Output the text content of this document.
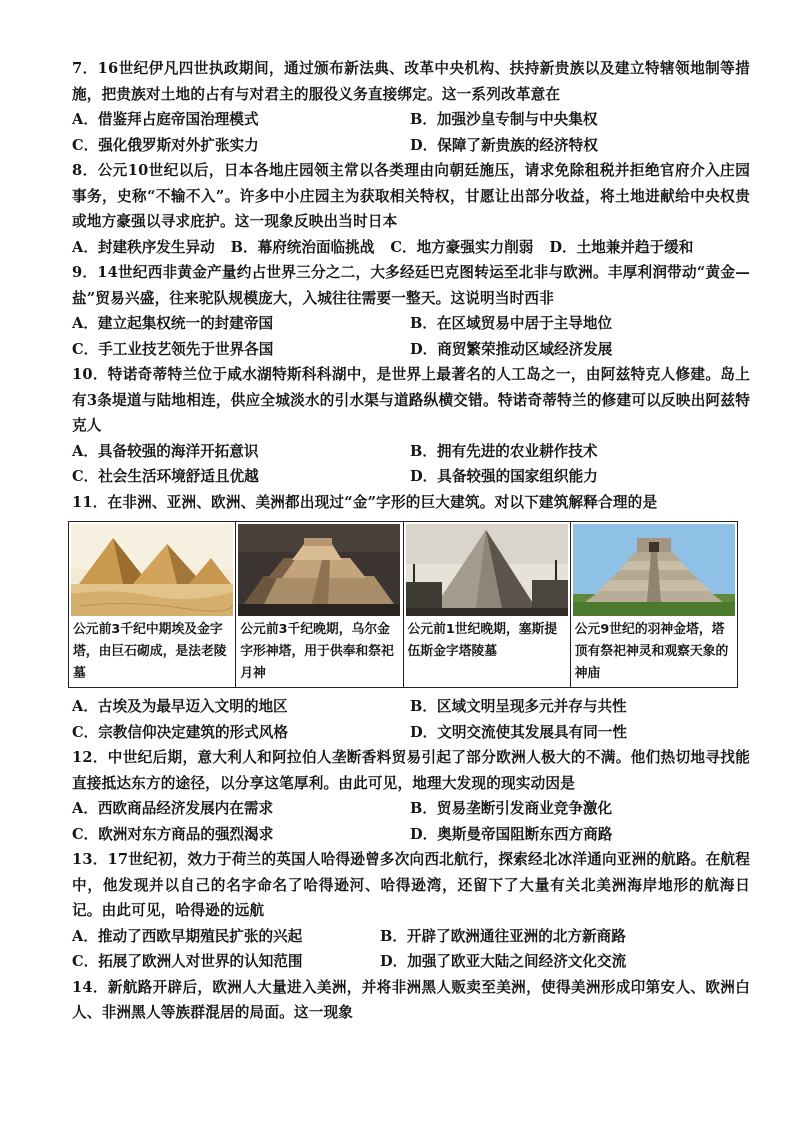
7．16世纪伊凡四世执政期间，通过颁布新法典、改革中央机构、扶持新贵族以及建立特辖领地制等措施，把贵族对土地的占有与对君主的服役义务直接绑定。这一系列改革意在
A．借鉴拜占庭帝国治理模式	B．加强沙皇专制与中央集权
C．强化俄罗斯对外扩张实力	D．保障了新贵族的经济特权
8．公元10世纪以后，日本各地庄园领主常以各类理由向朝廷施压，请求免除租税并拒绝官府介入庄园事务，史称“不输不入”。许多中小庄园主为获取相关特权，甘愿让出部分收益，将土地进献给中央权贵或地方豪强以寻求庇护。这一现象反映出当时日本
A．封建秩序发生异动 B．幕府统治面临挑战 C．地方豪强实力削弱 D．土地兼并趋于缓和
9．14世纪西非黄金产量约占世界三分之二，大多经廷巴克图转运至北非与欧洲。丰厚利润带动“黄金—盐”贸易兴盛，往来驼队规模庞大，入城往往需要一整天。这说明当时西非
A．建立起集权统一的封建帝国	B．在区域贸易中居于主导地位
C．手工业技艺领先于世界各国	D．商贸繁荣推动区域经济发展
10．特诺奇蒂特兰位于咸水湖特斯科科湖中，是世界上最著名的人工岛之一，由阿兹特克人修建。岛上有3条堤道与陆地相连，供应全城淡水的引水渠与道路纵横交错。特诺奇蒂特兰的修建可以反映出阿兹特克人
A．具备较强的海洋开拓意识	B．拥有先进的农业耕作技术
C．社会生活环境舒适且优越	D．具备较强的国家组织能力
11．在非洲、亚洲、欧洲、美洲都出现过“金”字形的巨大建筑。对以下建筑解释合理的是
公元前3千纪中期埃及金字塔，由巨石砌成，是法老陵墓

公元前3千纪晚期，乌尔金字形神塔，用于供奉和祭祀月神

公元前1世纪晚期，塞斯提伍斯金字塔陵墓

公元9世纪的羽神金塔，塔顶有祭祀神灵和观察天象的神庙
A．古埃及为最早迈入文明的地区	B．区域文明呈现多元并存与共性
C．宗教信仰决定建筑的形式风格	D．文明交流使其发展具有同一性
12．中世纪后期，意大利人和阿拉伯人垄断香料贸易引起了部分欧洲人极大的不满。他们热切地寻找能直接抵达东方的途径，以分享这笔厚利。由此可见，地理大发现的现实动因是
A．西欧商品经济发展内在需求	B．贸易垄断引发商业竞争激化
C．欧洲对东方商品的强烈渴求	D．奥斯曼帝国阻断东西方商路
13．17世纪初，效力于荷兰的英国人哈得逊曾多次向西北航行，探索经北冰洋通向亚洲的航路。在航程中，他发现并以自己的名字命名了哈得逊河、哈得逊湾，还留下了大量有关北美洲海岸地形的航海日记。由此可见，哈得逊的远航
A．推动了西欧早期殖民扩张的兴起	B．开辟了欧洲通往亚洲的北方新商路
C．拓展了欧洲人对世界的认知范围	D．加强了欧亚大陆之间经济文化交流
14．新航路开辟后，欧洲人大量进入美洲，并将非洲黑人贩卖至美洲，使得美洲形成印第安人、欧洲白人、非洲黑人等族群混居的局面。这一现象
